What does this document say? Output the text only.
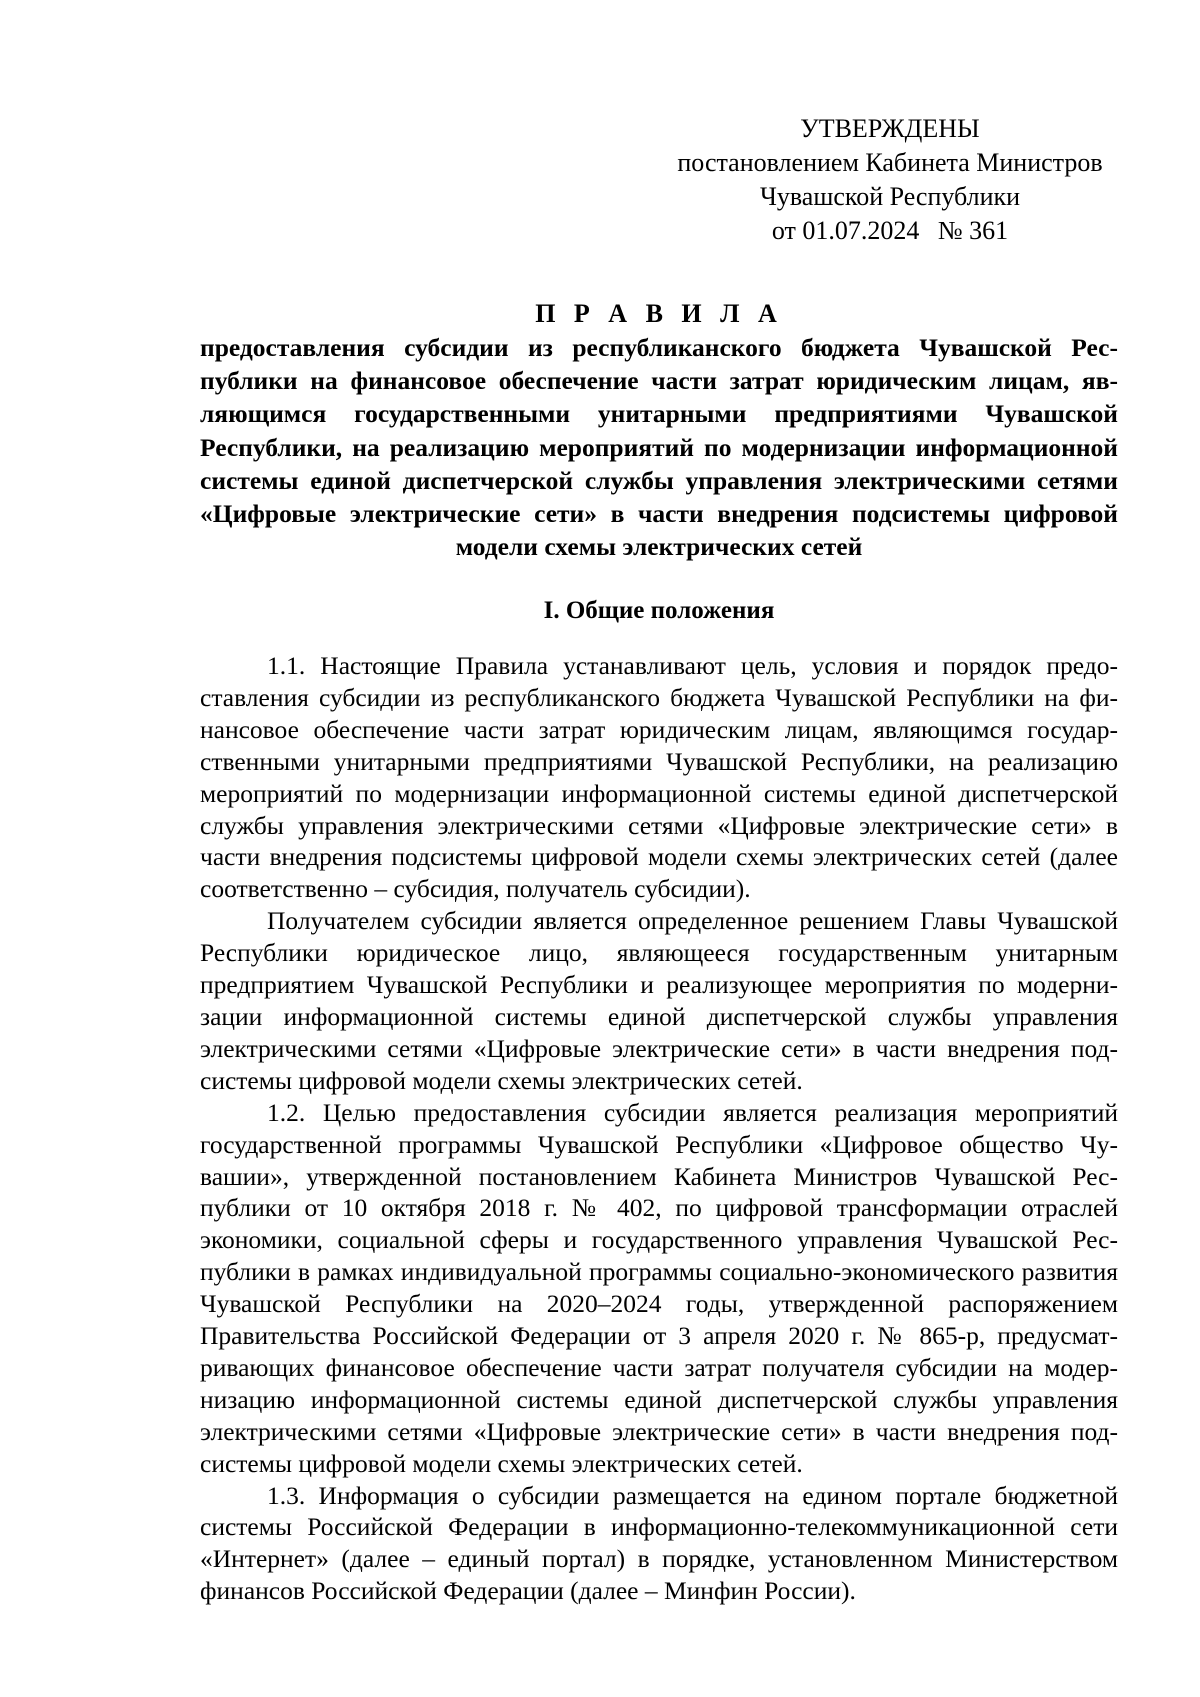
УТВЕРЖДЕНЫ
постановлением Кабинета Министров
Чувашской Республики
от 01.07.2024 № 361

П Р А В И Л А

предоставления субсидии из республиканского бюджета Чувашской Республики на финансовое обеспечение части затрат юридическим лицам, являющимся государственными унитарными предприятиями Чувашской Республики, на реализацию мероприятий по модернизации информационной системы единой диспетчерской службы управления электрическими сетями «Цифровые электрические сети» в части внедрения подсистемы цифровой модели схемы электрических сетей

I. Общие положения

1.1. Настоящие Правила устанавливают цель, условия и порядок предоставления субсидии из республиканского бюджета Чувашской Республики на финансовое обеспечение части затрат юридическим лицам, являющимся государственными унитарными предприятиями Чувашской Республики, на реализацию мероприятий по модернизации информационной системы единой диспетчерской службы управления электрическими сетями «Цифровые электрические сети» в части внедрения подсистемы цифровой модели схемы электрических сетей (далее соответственно – субсидия, получатель субсидии).

Получателем субсидии является определенное решением Главы Чувашской Республики юридическое лицо, являющееся государственным унитарным предприятием Чувашской Республики и реализующее мероприятия по модернизации информационной системы единой диспетчерской службы управления электрическими сетями «Цифровые электрические сети» в части внедрения подсистемы цифровой модели схемы электрических сетей.

1.2. Целью предоставления субсидии является реализация мероприятий государственной программы Чувашской Республики «Цифровое общество Чувашии», утвержденной постановлением Кабинета Министров Чувашской Республики от 10 октября 2018 г. № 402, по цифровой трансформации отраслей экономики, социальной сферы и государственного управления Чувашской Республики в рамках индивидуальной программы социально-экономического развития Чувашской Республики на 2020–2024 годы, утвержденной распоряжением Правительства Российской Федерации от 3 апреля 2020 г. № 865-р, предусматривающих финансовое обеспечение части затрат получателя субсидии на модернизацию информационной системы единой диспетчерской службы управления электрическими сетями «Цифровые электрические сети» в части внедрения подсистемы цифровой модели схемы электрических сетей.

1.3. Информация о субсидии размещается на едином портале бюджетной системы Российской Федерации в информационно-телекоммуникационной сети «Интернет» (далее – единый портал) в порядке, установленном Министерством финансов Российской Федерации (далее – Минфин России).
